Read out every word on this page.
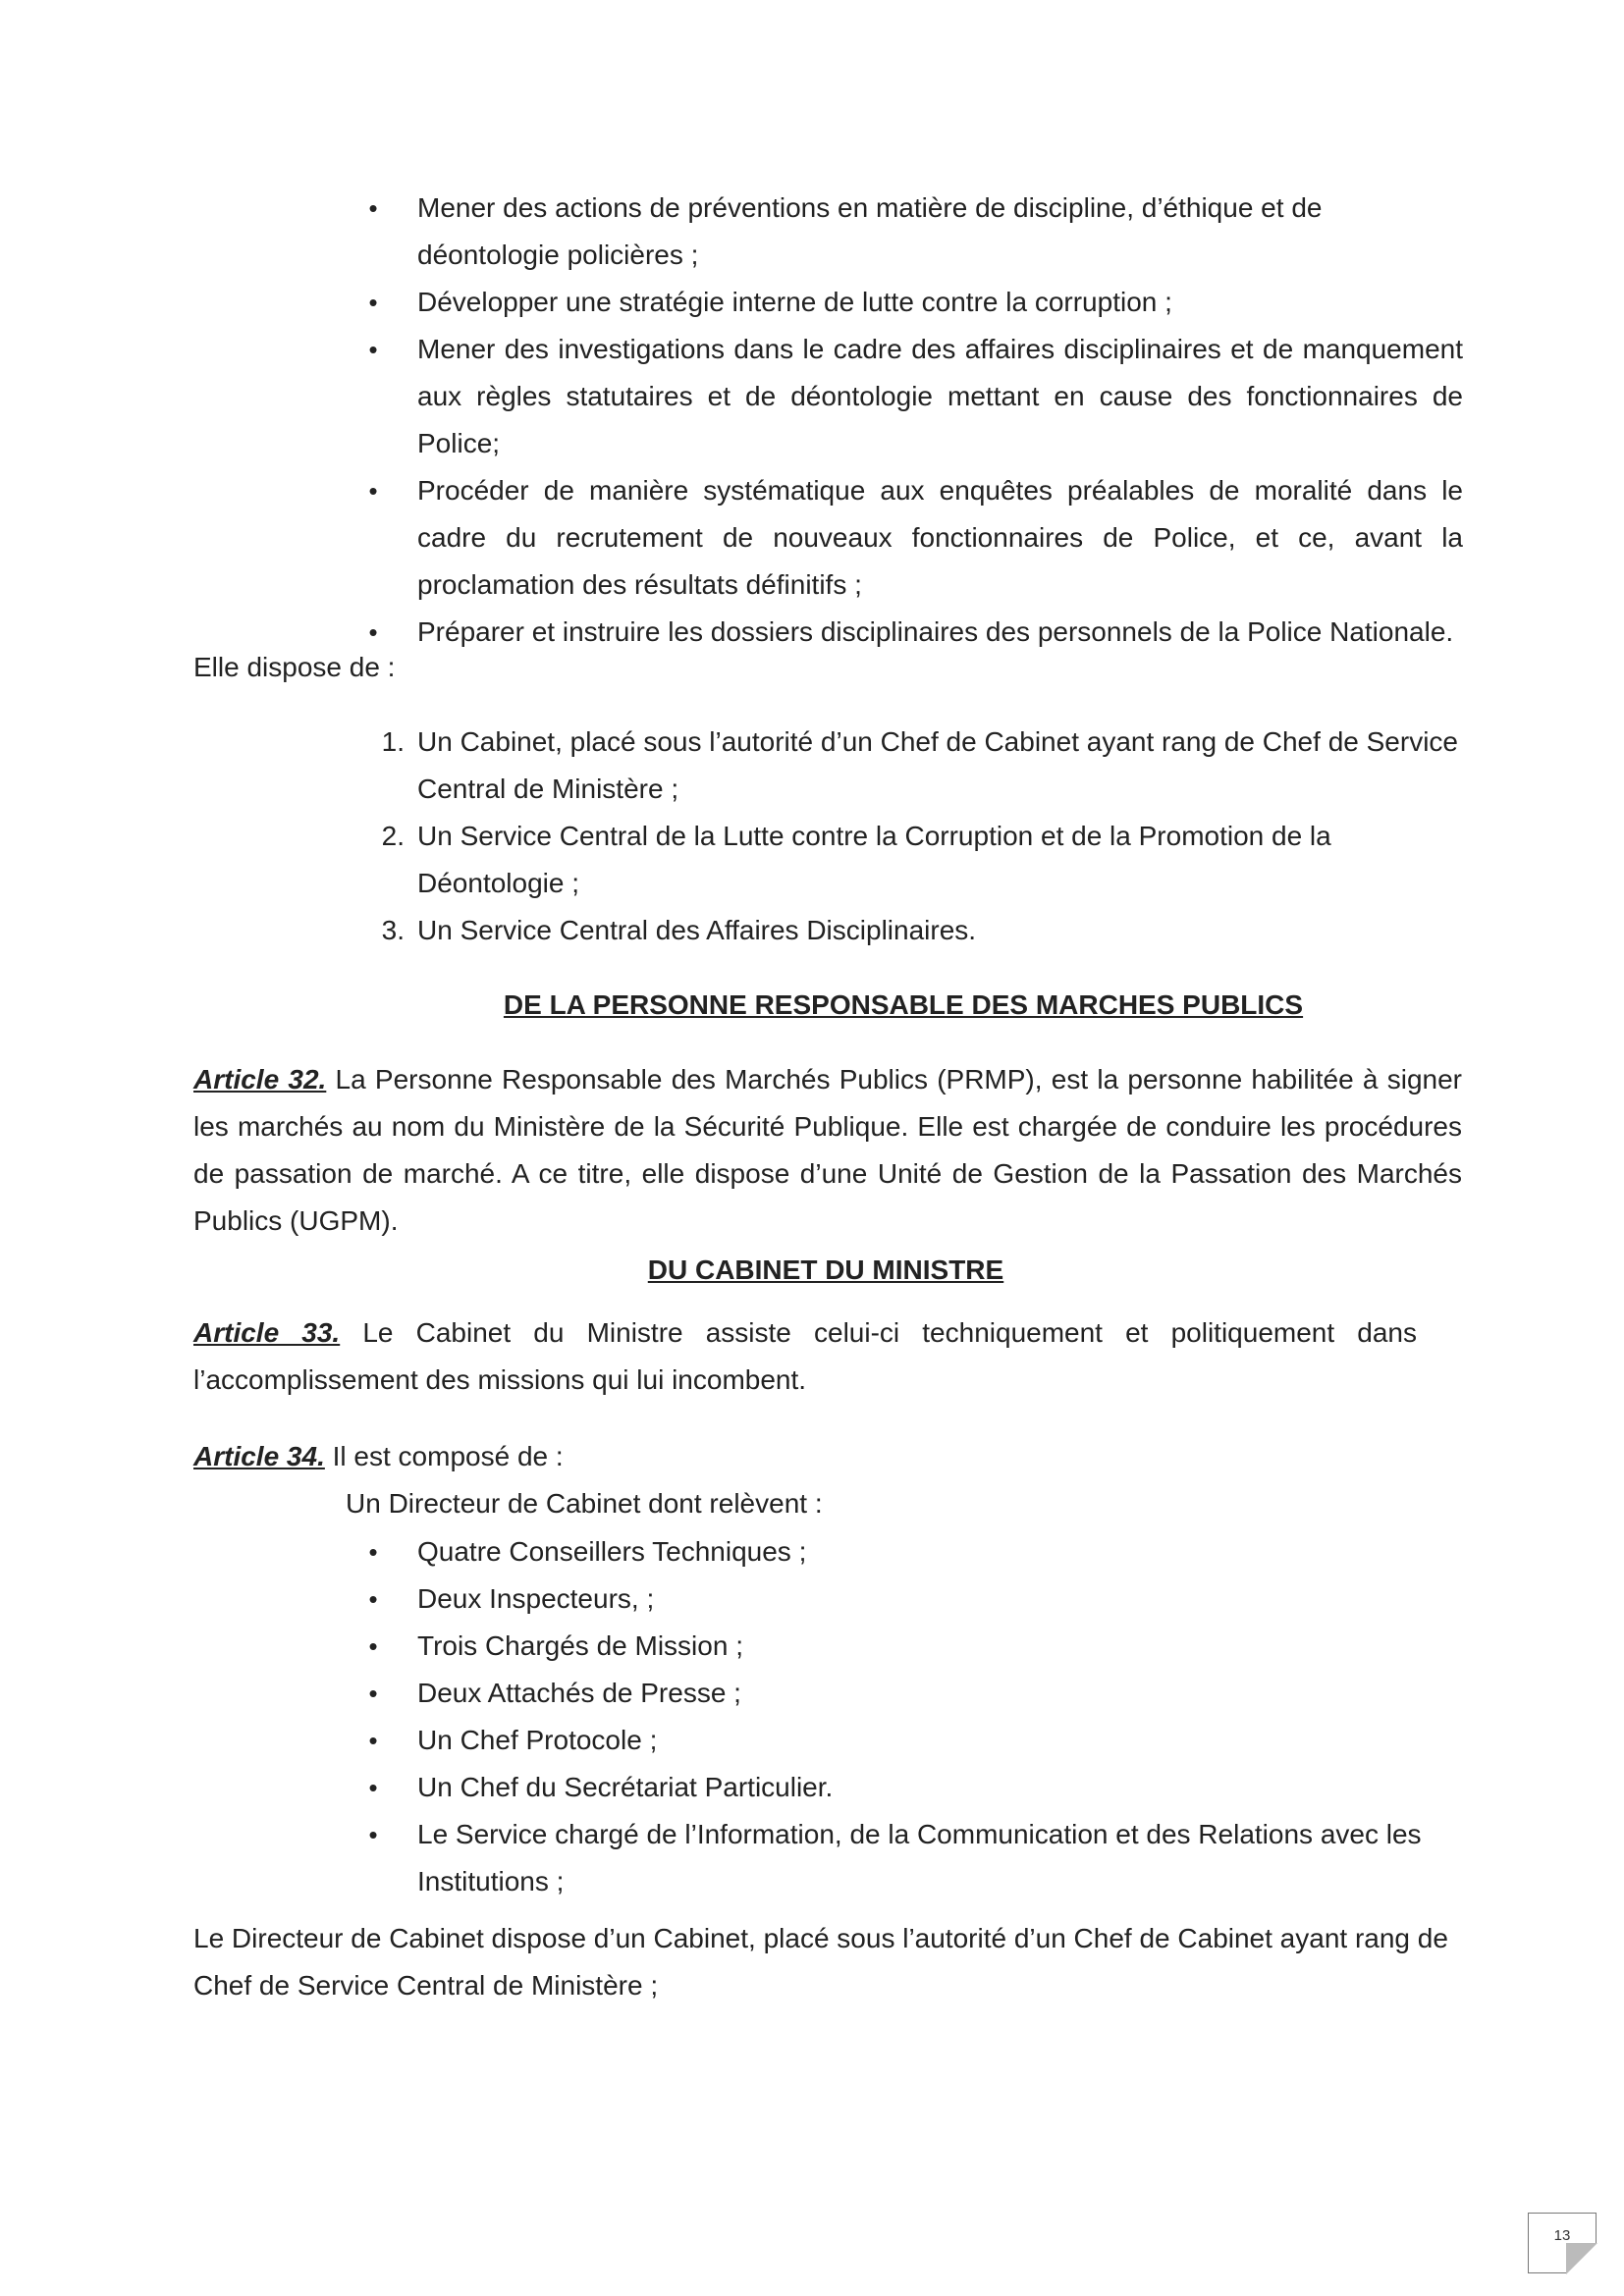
• Mener des actions de préventions en matière de discipline, d’éthique et de déontologie policières ;
• Développer une stratégie interne de lutte contre la corruption ;
• Mener des investigations dans le cadre des affaires disciplinaires et de manquement aux règles statutaires et de déontologie mettant en cause des fonctionnaires de Police;
• Procéder de manière systématique aux enquêtes préalables de moralité dans le cadre du recrutement de nouveaux fonctionnaires de Police, et ce, avant la proclamation des résultats définitifs ;
• Préparer et instruire les dossiers disciplinaires des personnels de la Police Nationale.

Elle dispose de :

1. Un Cabinet, placé sous l’autorité d’un Chef de Cabinet ayant rang de Chef de Service Central de Ministère ;
2. Un Service Central de la Lutte contre la Corruption et de la Promotion de la Déontologie ;
3. Un Service Central des Affaires Disciplinaires.
DE LA PERSONNE RESPONSABLE DES MARCHES PUBLICS

Article 32. La Personne Responsable des Marchés Publics (PRMP), est la personne habilitée à signer les marchés au nom du Ministère de la Sécurité Publique. Elle est chargée de conduire les procédures de passation de marché. A ce titre, elle dispose d’une Unité de Gestion de la Passation des Marchés Publics (UGPM).

DU CABINET DU MINISTRE

Article 33. Le Cabinet du Ministre assiste celui-ci techniquement et politiquement dans l’accomplissement des missions qui lui incombent.

Article 34. Il est composé de :

Un Directeur de Cabinet dont relèvent :

• Quatre Conseillers Techniques ;
• Deux Inspecteurs, ;
• Trois Chargés de Mission ;
• Deux Attachés de Presse ;
• Un Chef Protocole ;
• Un Chef du Secrétariat Particulier.
• Le Service chargé de l’Information, de la Communication et des Relations avec les Institutions ;

Le Directeur de Cabinet dispose d’un Cabinet, placé sous l’autorité d’un Chef de Cabinet ayant rang de Chef de Service Central de Ministère ;

13
